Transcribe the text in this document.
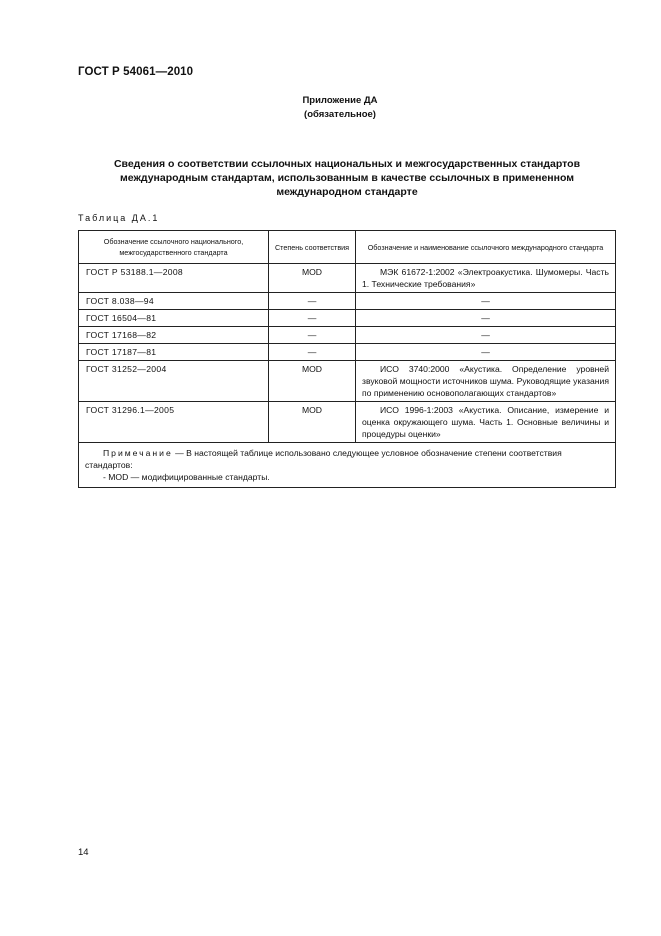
ГОСТ Р 54061—2010
Приложение ДА
(обязательное)
Сведения о соответствии ссылочных национальных и межгосударственных стандартов
международным стандартам, использованным в качестве ссылочных в примененном
международном стандарте
Таблица ДА.1
Обозначение ссылочного национального, межгосударственного стандарта	Степень соответствия	Обозначение и наименование ссылочного международного стандарта
ГОСТ Р 53188.1—2008	MOD	МЭК 61672-1:2002 «Электроакустика. Шумомеры. Часть 1. Технические требования»
ГОСТ 8.038—94	—	—
ГОСТ 16504—81	—	—
ГОСТ 17168—82	—	—
ГОСТ 17187—81	—	—
ГОСТ 31252—2004	MOD	ИСО 3740:2000 «Акустика. Определение уровней звуковой мощности источников шума. Руководящие указания по применению основополагающих стандартов»
ГОСТ 31296.1—2005	MOD	ИСО 1996-1:2003 «Акустика. Описание, измерение и оценка окружающего шума. Часть 1. Основные величины и процедуры оценки»

Примечание — В настоящей таблице использовано следующее условное обозначение степени соответствия стандартов:
- MOD — модифицированные стандарты.		
14
